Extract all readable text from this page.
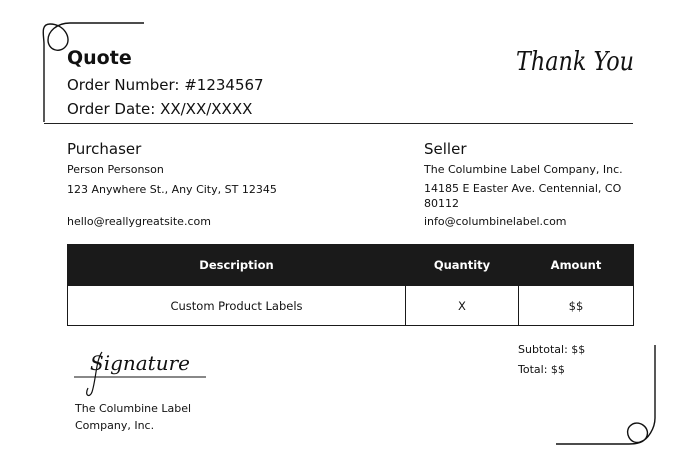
Quote
Order Number: #1234567
Order Date: XX/XX/XXXX
Thank You
Purchaser
Person Personson
123 Anywhere St., Any City, ST 12345
hello@reallygreatsite.com
Seller
The Columbine Label Company, Inc.
14185 E Easter Ave. Centennial, CO 80112
info@columbinelabel.com
Description	Quantity	Amount
Custom Product Labels	X	$$
Subtotal: $$
Total: $$
Signature
The Columbine Label Company, Inc.
